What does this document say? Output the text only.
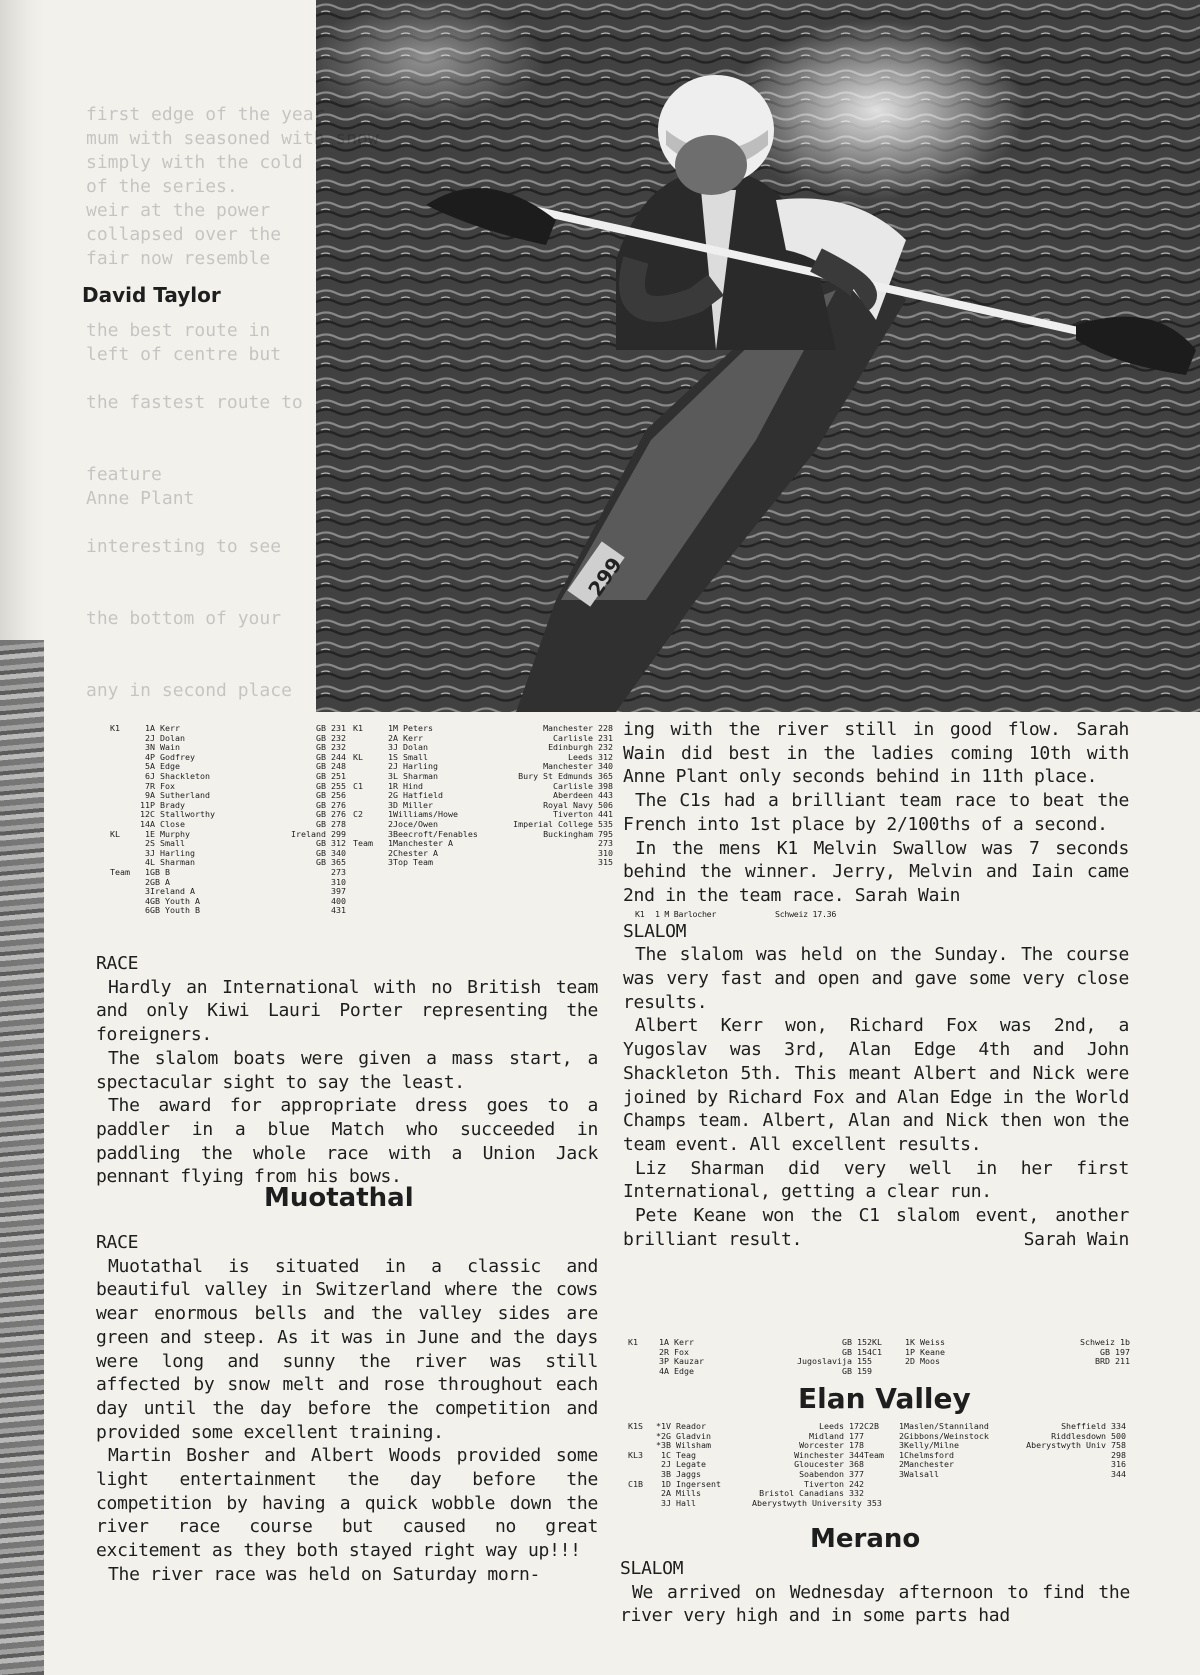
299
first edge of the year
mum with seasoned with snow
simply with the cold
of the series.
weir at the power
collapsed over the
fair now resemble
the best route in
left of centre but
the fastest route to
feature
Anne Plant
interesting to see
the bottom of your
any in second place
David Taylor
K1	1 A Kerr	GB 231
2 J Dolan	GB 232
3 N Wain	GB 232
4 P Godfrey	GB 244
5 A Edge	GB 248
6 J Shackleton	GB 251
7 R Fox	GB 255
9 A Sutherland	GB 256
11 P Brady	GB 276
12 C Stallworthy	GB 276
14 A Close	GB 278
KL	1 E Murphy	Ireland 299
2 S Small	GB 312
3 J Harling	GB 340
4 L Sharman	GB 365
Team	1 GB B	273
2 GB A	310
3 Ireland A	397
4 GB Youth A	400
6 GB Youth B	431
K1	1 M Peters	Manchester 228
2 A Kerr	Carlisle 231
3 J Dolan	Edinburgh 232
KL	1 S Small	Leeds 312
2 J Harling	Manchester 340
3 L Sharman	Bury St Edmunds 365
C1	1 R Hind	Carlisle 398
2 G Hatfield	Aberdeen 443
3 D Miller	Royal Navy 506
C2	1 Williams/Howe	Tiverton 441
2 Joce/Owen	Imperial College 535
3 Beecroft/Fenables	Buckingham 795
Team	1 Manchester A	273
2 Chester A	310
3 Top Team	315
RACE

Hardly an International with no British team and only Kiwi Lauri Porter representing the foreigners.

The slalom boats were given a mass start, a spectacular sight to say the least.

The award for appropriate dress goes to a paddler in a blue Match who succeeded in paddling the whole race with a Union Jack pennant flying from his bows.

RACE

Muotathal is situated in a classic and beautiful valley in Switzerland where the cows wear enormous bells and the valley sides are green and steep. As it was in June and the days were long and sunny the river was still affected by snow melt and rose throughout each day until the day before the competition and provided some excellent training.

Martin Bosher and Albert Woods provided some light entertainment the day before the competition by having a quick wobble down the river race course but caused no great excitement as they both stayed right way up!!!

The river race was held on Saturday morn-

Muotathal

ing with the river still in good flow. Sarah Wain did best in the ladies coming 10th with Anne Plant only seconds behind in 11th place.

The C1s had a brilliant team race to beat the French into 1st place by 2/100ths of a second.

In the mens K1 Melvin Swallow was 7 seconds behind the winner. Jerry, Melvin and Iain came 2nd in the team race. Sarah Wain

K1 1 M Barlocher	Schweiz 17.36
SLALOM

The slalom was held on the Sunday. The course was very fast and open and gave some very close results.

Albert Kerr won, Richard Fox was 2nd, a Yugoslav was 3rd, Alan Edge 4th and John Shackleton 5th. This meant Albert and Nick were joined by Richard Fox and Alan Edge in the World Champs team. Albert, Alan and Nick then won the team event. All excellent results.

Liz Sharman did very well in her first International, getting a clear run.

Pete Keane won the C1 slalom event, another brilliant result.	Sarah Wain
K1	1 A Kerr	GB 152 KL	1 K Weiss	Schweiz 1b
2 R Fox	GB 154 C1	1 P Keane	GB 197
3 P Kauzar	Jugoslavija 155	2 D Moos	BRD 211
4 A Edge	GB 159
Elan Valley
K1S	*1 V Reador	Leeds 172 C2B	1 Maslen/Stanniland	Sheffield 334
*2 G Gladvin	Midland 177	2 Gibbons/Weinstock	Riddlesdown 500
*3 B Wilsham	Worcester 178	3 Kelly/Milne	Aberystwyth Univ 758
KL3	1 C Teag	Winchester 344 Team	1 Chelmsford	298
2 J Legate	Gloucester 368	2 Manchester	316
3 B Jaggs	Soabendon 377	3 Walsall	344
C1B	1 D Ingersent	Tiverton 242
2 A Mills	Bristol Canadians 332
3 J Hall	Aberystwyth University 353
Merano
SLALOM

We arrived on Wednesday afternoon to find the river very high and in some parts had
